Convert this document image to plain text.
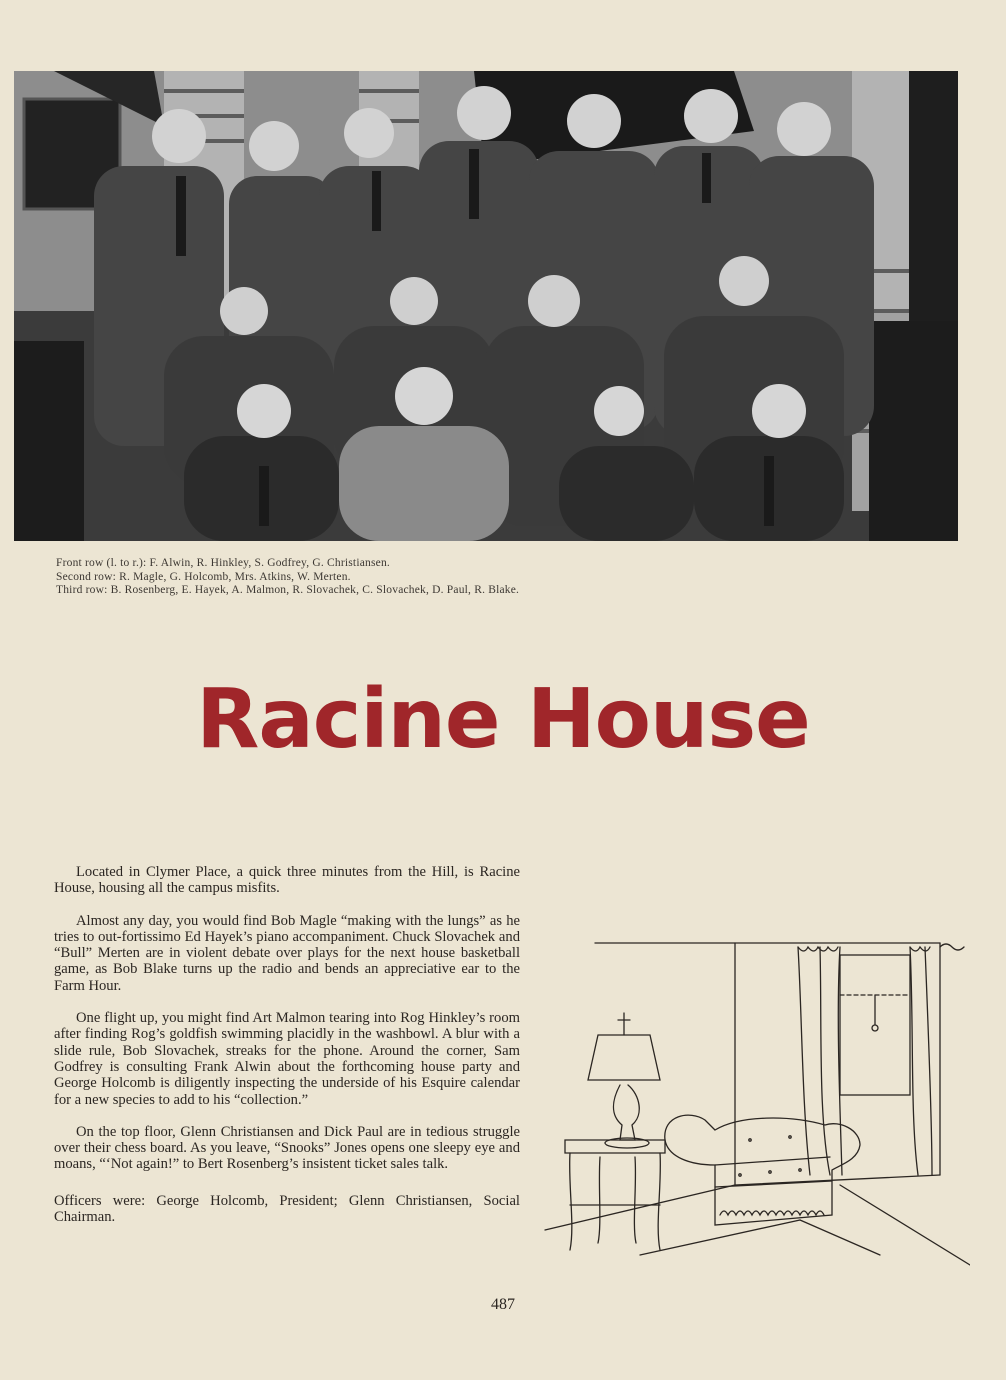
Front row (l. to r.): F. Alwin, R. Hinkley, S. Godfrey, G. Christiansen.
Second row: R. Magle, G. Holcomb, Mrs. Atkins, W. Merten.
Third row: B. Rosenberg, E. Hayek, A. Malmon, R. Slovachek, C. Slovachek, D. Paul, R. Blake.
Racine House

Located in Clymer Place, a quick three minutes from the Hill, is Racine House, housing all the campus misfits.

Almost any day, you would find Bob Magle “making with the lungs” as he tries to out-fortissimo Ed Hayek’s piano accompaniment. Chuck Slovachek and “Bull” Merten are in violent debate over plays for the next house basketball game, as Bob Blake turns up the radio and bends an appreciative ear to the Farm Hour.

One flight up, you might find Art Malmon tearing into Rog Hinkley’s room after finding Rog’s goldfish swimming placidly in the washbowl. A blur with a slide rule, Bob Slovachek, streaks for the phone. Around the corner, Sam Godfrey is consulting Frank Alwin about the forthcoming house party and George Holcomb is diligently inspecting the underside of his Esquire calendar for a new species to add to his “collection.”

On the top floor, Glenn Christiansen and Dick Paul are in tedious struggle over their chess board. As you leave, “Snooks” Jones opens one sleepy eye and moans, “‘Not again!” to Bert Rosenberg’s insistent ticket sales talk.

Officers were: George Holcomb, President; Glenn Christiansen, Social Chairman.

487
